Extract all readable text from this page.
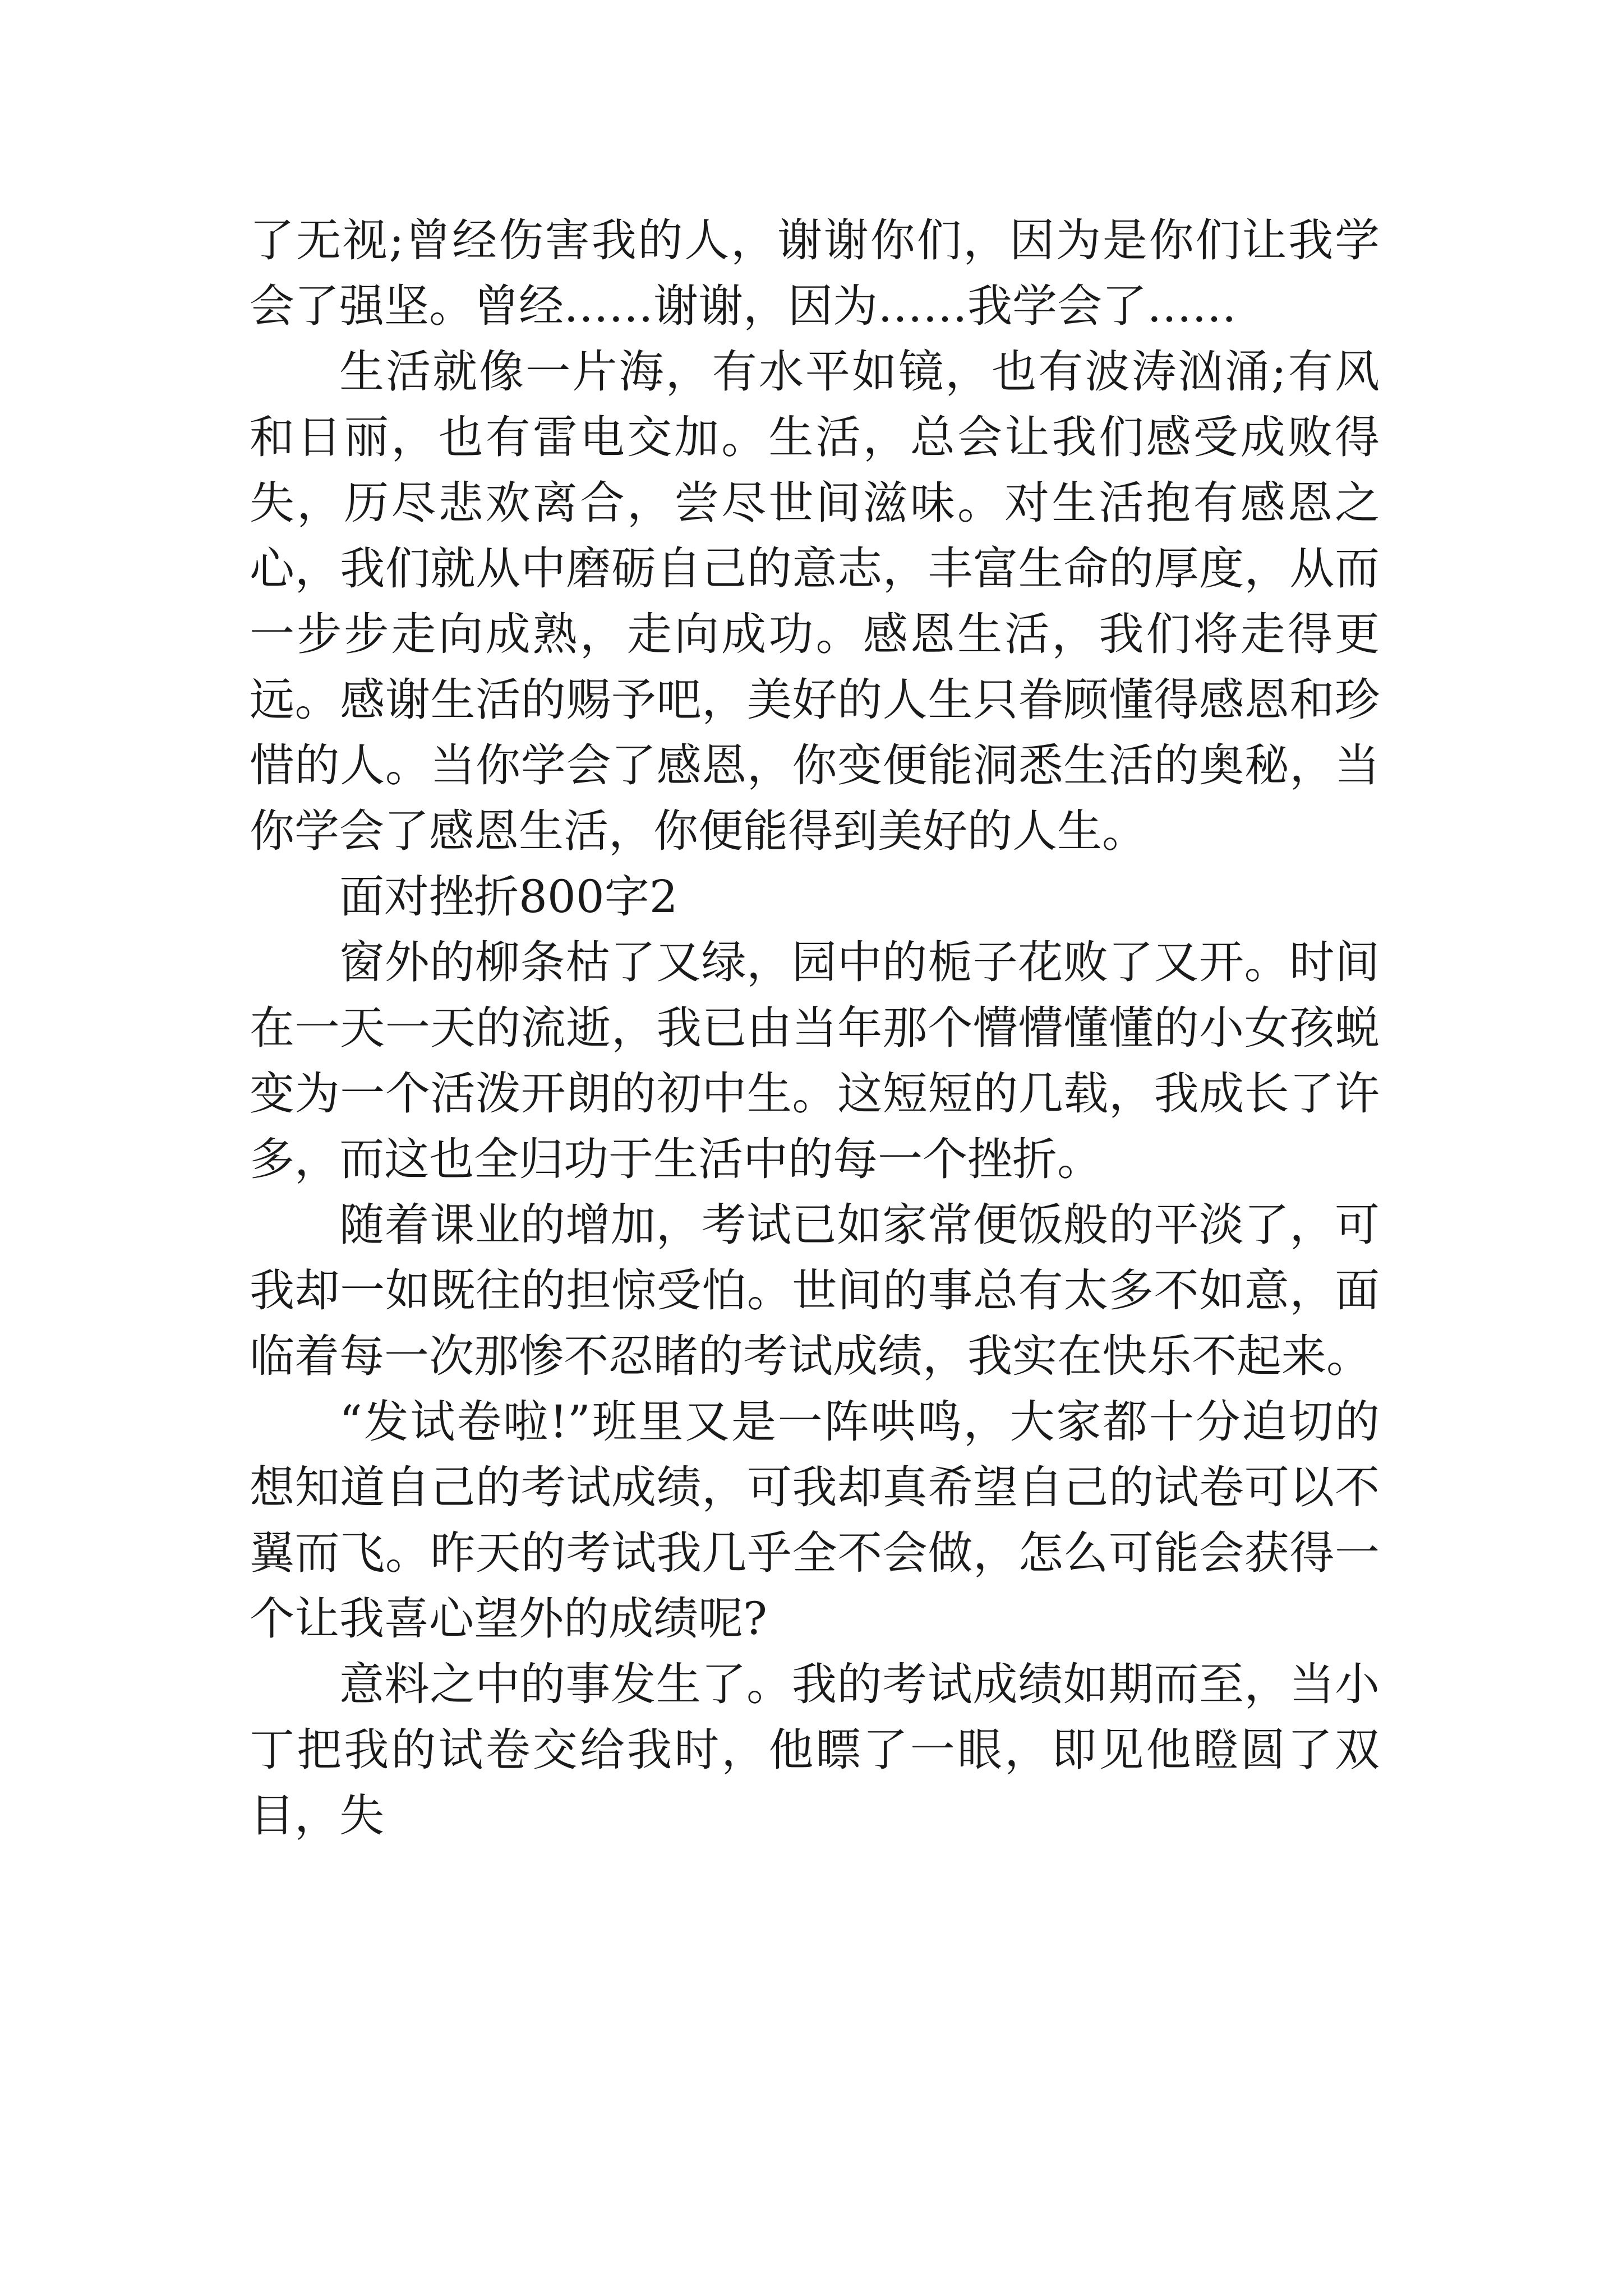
了无视;曾经伤害我的人，谢谢你们，因为是你们让我学会了强坚。曾经……谢谢，因为……我学会了……

生活就像一片海，有水平如镜，也有波涛汹涌;有风和日丽，也有雷电交加。生活，总会让我们感受成败得失，历尽悲欢离合，尝尽世间滋味。对生活抱有感恩之心，我们就从中磨砺自己的意志，丰富生命的厚度，从而一步步走向成熟，走向成功。感恩生活，我们将走得更远。感谢生活的赐予吧，美好的人生只眷顾懂得感恩和珍惜的人。当你学会了感恩，你变便能洞悉生活的奥秘，当你学会了感恩生活，你便能得到美好的人生。

面对挫折800字2

窗外的柳条枯了又绿，园中的栀子花败了又开。时间在一天一天的流逝，我已由当年那个懵懵懂懂的小女孩蜕变为一个活泼开朗的初中生。这短短的几载，我成长了许多，而这也全归功于生活中的每一个挫折。

随着课业的增加，考试已如家常便饭般的平淡了，可我却一如既往的担惊受怕。世间的事总有太多不如意，面临着每一次那惨不忍睹的考试成绩，我实在快乐不起来。

“发试卷啦!”班里又是一阵哄鸣，大家都十分迫切的想知道自己的考试成绩，可我却真希望自己的试卷可以不翼而飞。昨天的考试我几乎全不会做，怎么可能会获得一个让我喜心望外的成绩呢?

意料之中的事发生了。我的考试成绩如期而至，当小丁把我的试卷交给我时，他瞟了一眼，即见他瞪圆了双目，失
